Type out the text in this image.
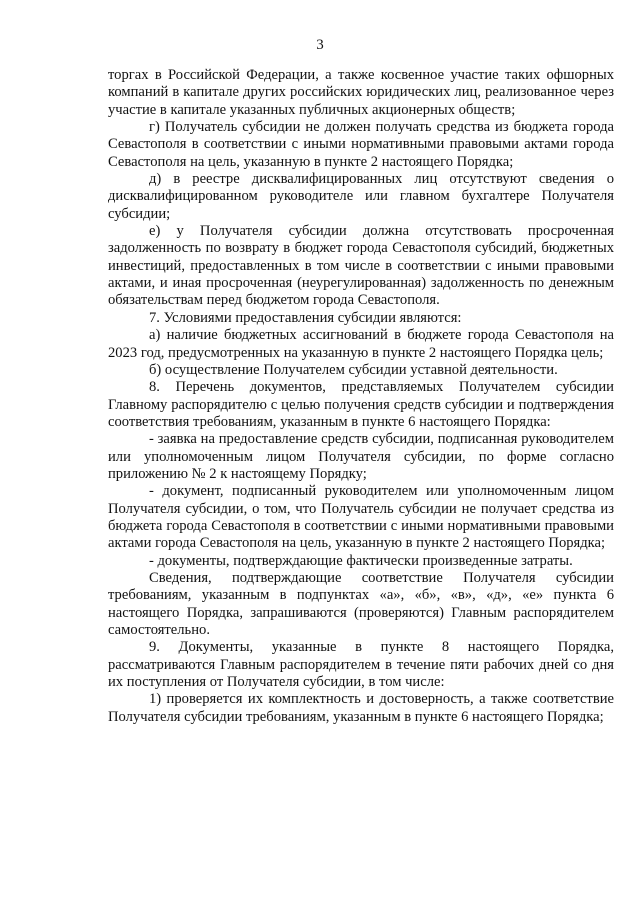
3

торгах в Российской Федерации, а также косвенное участие таких офшорных компаний в капитале других российских юридических лиц, реализованное через участие в капитале указанных публичных акционерных обществ;

г) Получатель субсидии не должен получать средства из бюджета города Севастополя в соответствии с иными нормативными правовыми актами города Севастополя на цель, указанную в пункте 2 настоящего Порядка;

д) в реестре дисквалифицированных лиц отсутствуют сведения о дисквалифицированном руководителе или главном бухгалтере Получателя субсидии;

е) у Получателя субсидии должна отсутствовать просроченная задолженность по возврату в бюджет города Севастополя субсидий, бюджетных инвестиций, предоставленных в том числе в соответствии с иными правовыми актами, и иная просроченная (неурегулированная) задолженность по денежным обязательствам перед бюджетом города Севастополя.

7. Условиями предоставления субсидии являются:

а) наличие бюджетных ассигнований в бюджете города Севастополя на 2023 год, предусмотренных на указанную в пункте 2 настоящего Порядка цель;

б) осуществление Получателем субсидии уставной деятельности.

8. Перечень документов, представляемых Получателем субсидии Главному распорядителю с целью получения средств субсидии и подтверждения соответствия требованиям, указанным в пункте 6 настоящего Порядка:

- заявка на предоставление средств субсидии, подписанная руководителем или уполномоченным лицом Получателя субсидии, по форме согласно приложению № 2 к настоящему Порядку;

- документ, подписанный руководителем или уполномоченным лицом Получателя субсидии, о том, что Получатель субсидии не получает средства из бюджета города Севастополя в соответствии с иными нормативными правовыми актами города Севастополя на цель, указанную в пункте 2 настоящего Порядка;

- документы, подтверждающие фактически произведенные затраты.

Сведения, подтверждающие соответствие Получателя субсидии требованиям, указанным в подпунктах «а», «б», «в», «д», «е» пункта 6 настоящего Порядка, запрашиваются (проверяются) Главным распорядителем самостоятельно.

9. Документы, указанные в пункте 8 настоящего Порядка, рассматриваются Главным распорядителем в течение пяти рабочих дней со дня их поступления от Получателя субсидии, в том числе:

1) проверяется их комплектность и достоверность, а также соответствие Получателя субсидии требованиям, указанным в пункте 6 настоящего Порядка;
